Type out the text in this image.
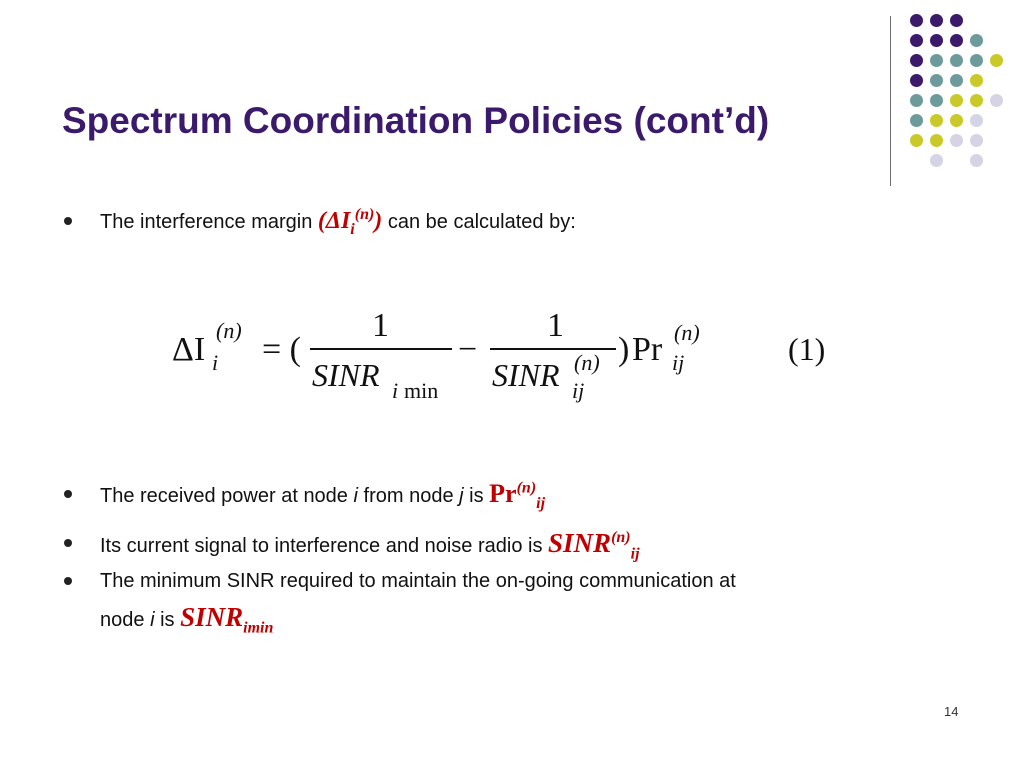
Spectrum Coordination Policies (cont’d)
The interference margin $(\Delta I_i^{(n)})$ can be calculated by:
The received power at node i from node j is $Pr^{(n)}_{ij}$
Its current signal to interference and noise radio is $SINR^{(n)}_{ij}$
The minimum SINR required to maintain the on-going communication at
node i is $SINR_{imin}$
ΔI i
(n)
= (
1
SINR i min
−
1
SINR ij
(n) ) Pr ij
(n)	(1)
14
